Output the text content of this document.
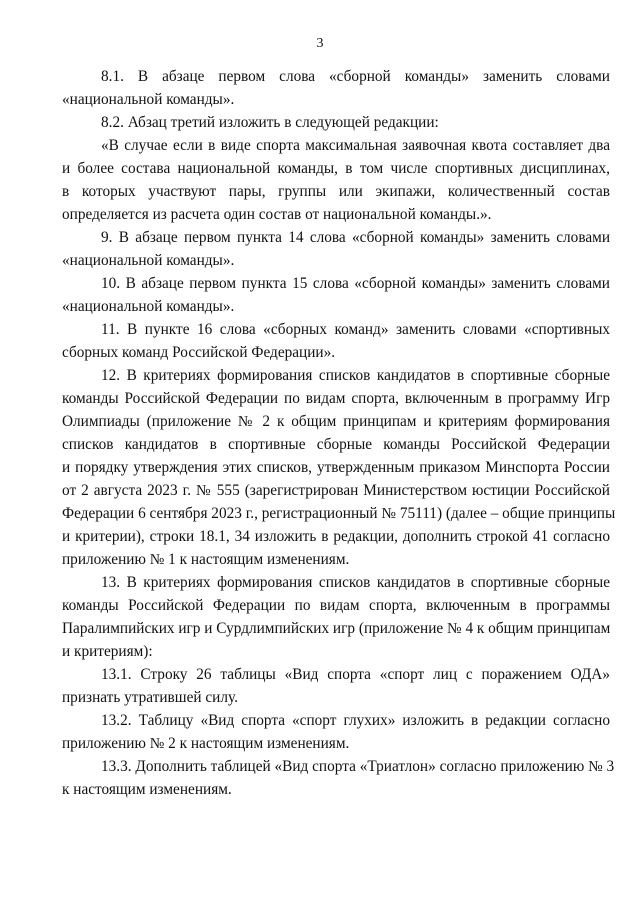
3
8.1. В абзаце первом слова «сборной команды» заменить словами
«национальной команды».
8.2. Абзац третий изложить в следующей редакции:
«В случае если в виде спорта максимальная заявочная квота составляет два
и более состава национальной команды, в том числе спортивных дисциплинах,
в которых участвуют пары, группы или экипажи, количественный состав
определяется из расчета один состав от национальной команды.».
9. В абзаце первом пункта 14 слова «сборной команды» заменить словами
«национальной команды».
10. В абзаце первом пункта 15 слова «сборной команды» заменить словами
«национальной команды».
11. В пункте 16 слова «сборных команд» заменить словами «спортивных
сборных команд Российской Федерации».
12. В критериях формирования списков кандидатов в спортивные сборные
команды Российской Федерации по видам спорта, включенным в программу Игр
Олимпиады (приложение № 2 к общим принципам и критериям формирования
списков кандидатов в спортивные сборные команды Российской Федерации
и порядку утверждения этих списков, утвержденным приказом Минспорта России
от 2 августа 2023 г. № 555 (зарегистрирован Министерством юстиции Российской
Федерации 6 сентября 2023 г., регистрационный № 75111) (далее – общие принципы
и критерии), строки 18.1, 34 изложить в редакции, дополнить строкой 41 согласно
приложению № 1 к настоящим изменениям.
13. В критериях формирования списков кандидатов в спортивные сборные
команды Российской Федерации по видам спорта, включенным в программы
Паралимпийских игр и Сурдлимпийских игр (приложение № 4 к общим принципам
и критериям):
13.1. Строку 26 таблицы «Вид спорта «спорт лиц с поражением ОДА»
признать утратившей силу.
13.2. Таблицу «Вид спорта «спорт глухих» изложить в редакции согласно
приложению № 2 к настоящим изменениям.
13.3. Дополнить таблицей «Вид спорта «Триатлон» согласно приложению № 3
к настоящим изменениям.
